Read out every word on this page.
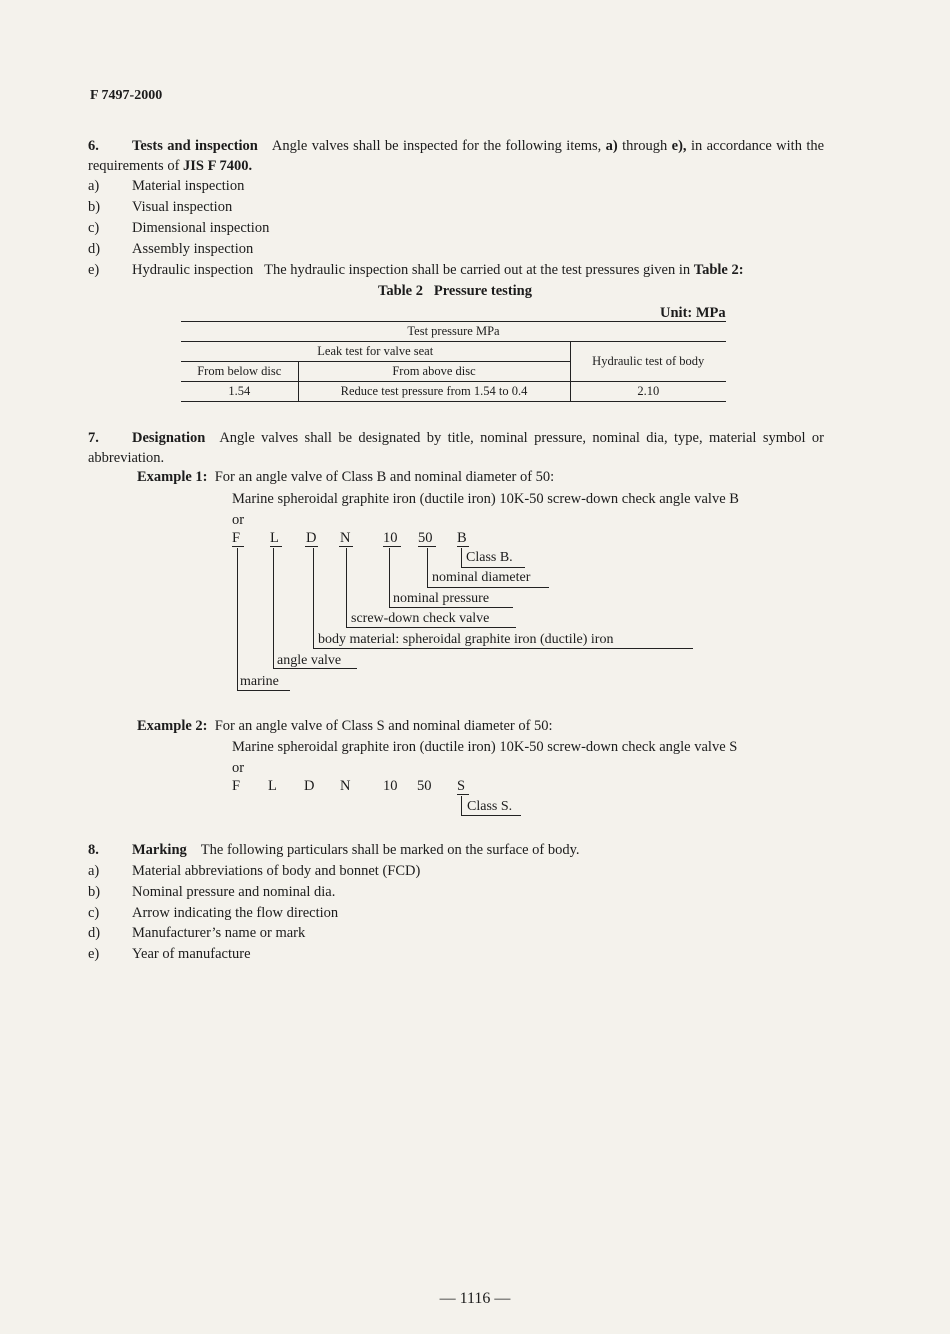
F 7497-2000
6. Tests and inspection Angle valves shall be inspected for the following items, a) through e), in accordance with the requirements of JIS F 7400.
a) Material inspection
b) Visual inspection
c) Dimensional inspection
d) Assembly inspection
e) Hydraulic inspection The hydraulic inspection shall be carried out at the test pressures given in Table 2:
Table 2 Pressure testing
Unit: MPa
Test pressure MPa		
Leak test for valve seat		Hydraulic test of body
From below disc	From above disc	
1.54	Reduce test pressure from 1.54 to 0.4	2.10
7. Designation Angle valves shall be designated by title, nominal pressure, nominal dia, type, material symbol or abbreviation.
Example 1: For an angle valve of Class B and nominal diameter of 50:
Marine spheroidal graphite iron (ductile iron) 10K-50 screw-down check angle valve B
or
F L D N 10 50 B
Class B.
nominal diameter
nominal pressure
screw-down check valve
body material: spheroidal graphite iron (ductile) iron
angle valve
marine
Example 2: For an angle valve of Class S and nominal diameter of 50:
Marine spheroidal graphite iron (ductile iron) 10K-50 screw-down check angle valve S
or
F L D N 10 50 S
Class S.
8. Marking The following particulars shall be marked on the surface of body.
a) Material abbreviations of body and bonnet (FCD)
b) Nominal pressure and nominal dia.
c) Arrow indicating the flow direction
d) Manufacturer’s name or mark
e) Year of manufacture
— 1116 —
